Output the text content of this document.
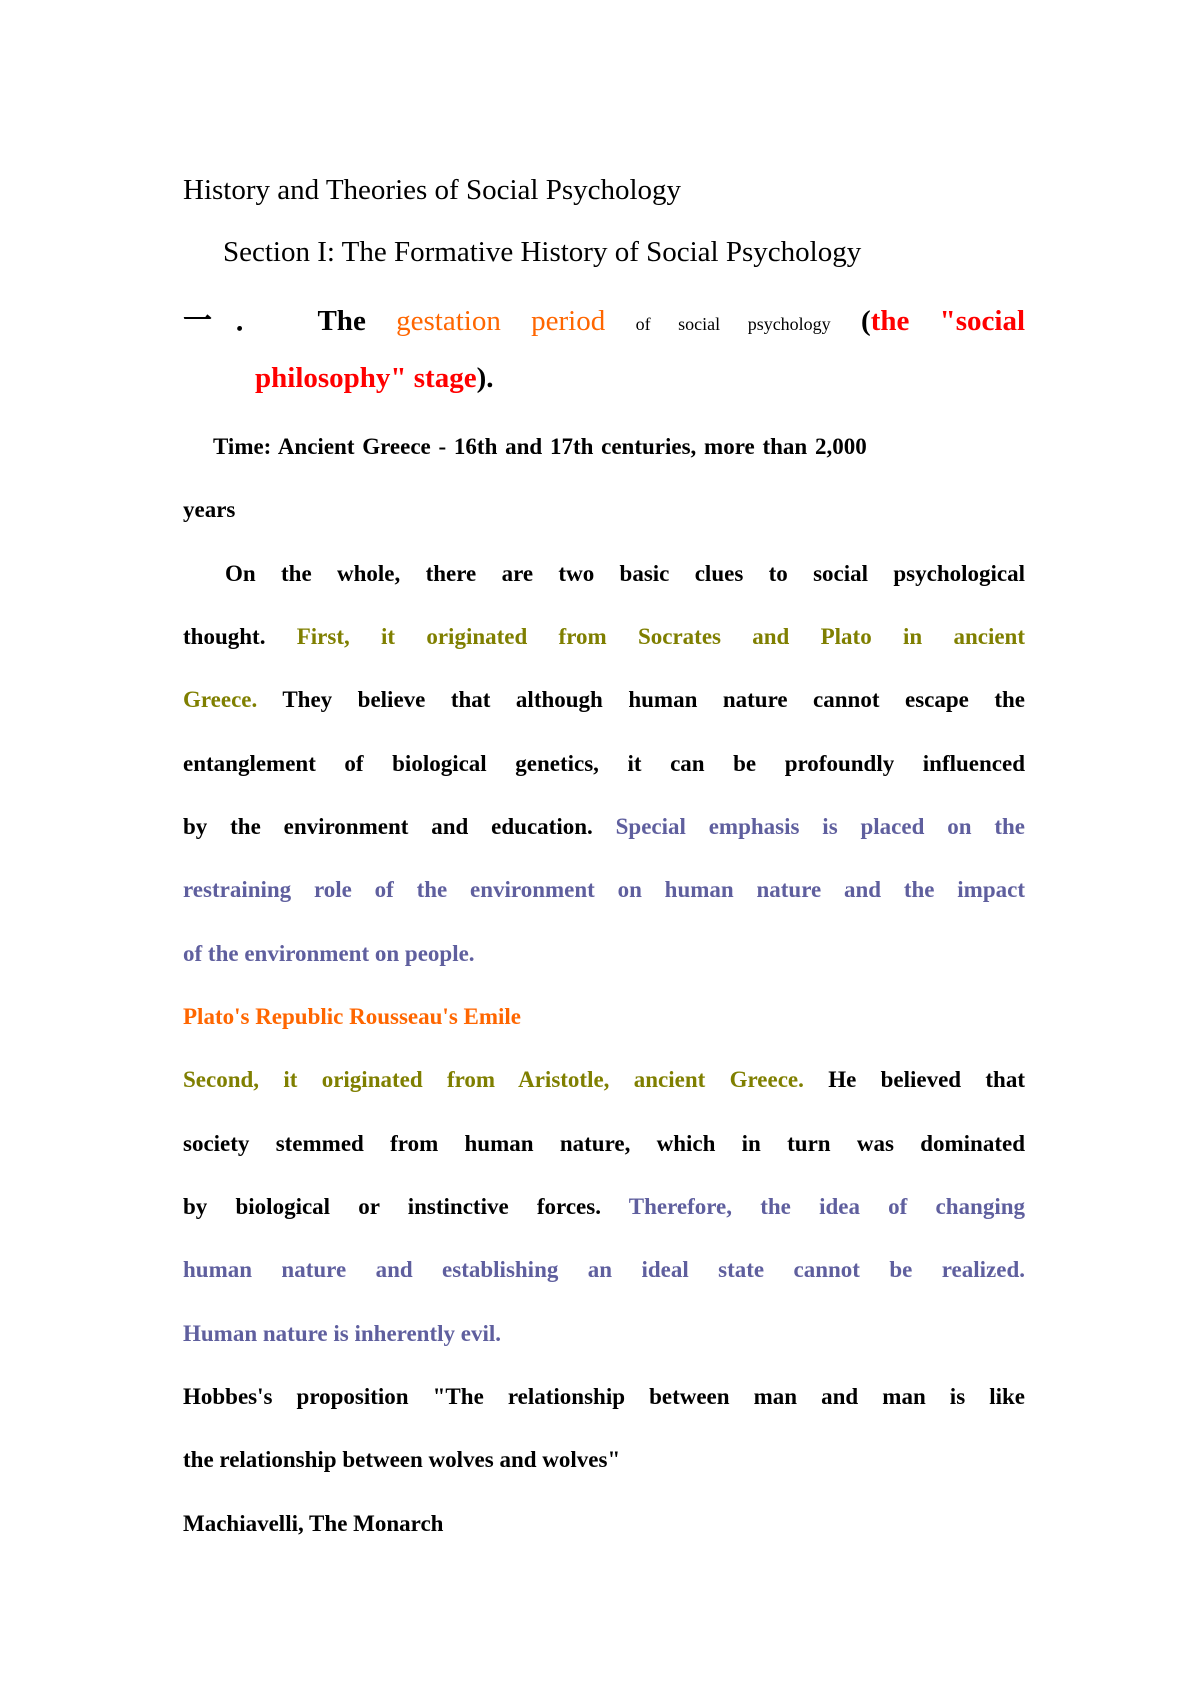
History and Theories of Social Psychology
Section I: The Formative History of Social Psychology
一． The gestation period of social psychology (the "social
philosophy" stage).
Time: Ancient Greece - 16th and 17th centuries, more than 2,000
years
On the whole, there are two basic clues to social psychological
thought. First, it originated from Socrates and Plato in ancient
Greece. They believe that although human nature cannot escape the
entanglement of biological genetics, it can be profoundly influenced
by the environment and education. Special emphasis is placed on the
restraining role of the environment on human nature and the impact
of the environment on people.
Plato's Republic Rousseau's Emile
Second, it originated from Aristotle, ancient Greece. He believed that
society stemmed from human nature, which in turn was dominated
by biological or instinctive forces. Therefore, the idea of changing
human nature and establishing an ideal state cannot be realized.
Human nature is inherently evil.
Hobbes's proposition "The relationship between man and man is like
the relationship between wolves and wolves"
Machiavelli, The Monarch
